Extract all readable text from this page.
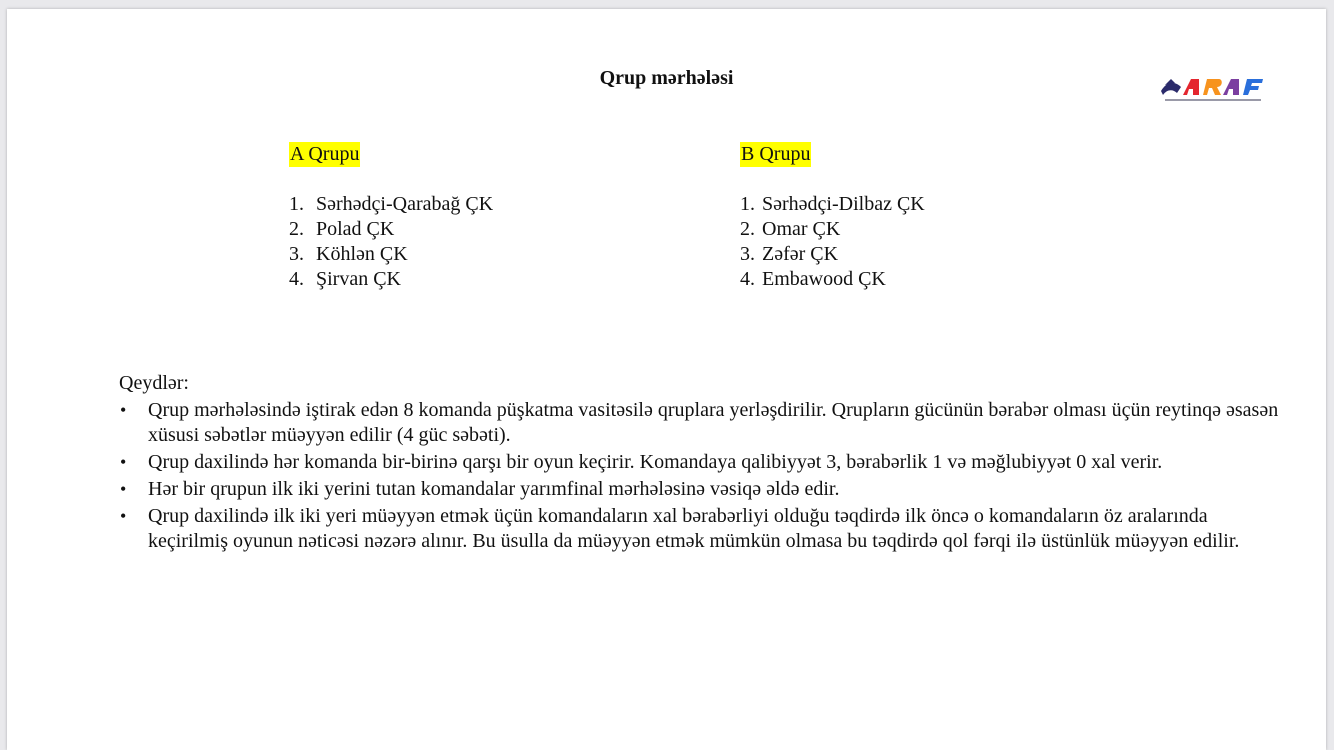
Qrup mərhələsi
A Qrupu
1. Sərhədçi-Qarabağ ÇK
2. Polad ÇK
3. Köhlən ÇK
4. Şirvan ÇK
B Qrupu
1. Sərhədçi-Dilbaz ÇK
2. Omar ÇK
3. Zəfər ÇK
4. Embawood ÇK
Qeydlər:
• Qrup mərhələsində iştirak edən 8 komanda püşkatma vasitəsilə qruplara yerləşdirilir. Qrupların gücünün bərabər olması üçün reytinqə əsasən xüsusi səbətlər müəyyən edilir (4 güc səbəti).
• Qrup daxilində hər komanda bir-birinə qarşı bir oyun keçirir. Komandaya qalibiyyət 3, bərabərlik 1 və məğlubiyyət 0 xal verir.
• Hər bir qrupun ilk iki yerini tutan komandalar yarımfinal mərhələsinə vəsiqə əldə edir.
• Qrup daxilində ilk iki yeri müəyyən etmək üçün komandaların xal bərabərliyi olduğu təqdirdə ilk öncə o komandaların öz aralarında keçirilmiş oyunun nəticəsi nəzərə alınır. Bu üsulla da müəyyən etmək mümkün olmasa bu təqdirdə qol fərqi ilə üstünlük müəyyən edilir.
